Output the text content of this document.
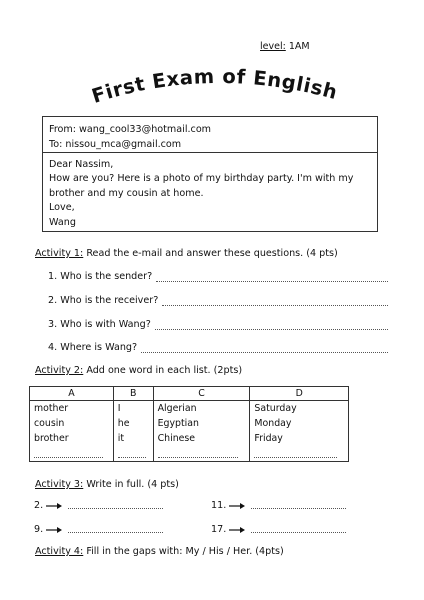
level: 1AM
First Exam of English
From: wang_cool33@hotmail.com
To: nissou_mca@gmail.com
Dear Nassim,
How are you? Here is a photo of my birthday party. I'm with my
brother and my cousin at home.
Love,
Wang
Activity 1: Read the e-mail and answer these questions. (4 pts)
1. Who is the sender?
2. Who is the receiver?
3. Who is with Wang?
4. Where is Wang?
Activity 2: Add one word in each list. (2pts)
A	B	C	D
mother	I	Algerian	Saturday
cousin	he	Egyptian	Monday
brother	it	Chinese	Friday

Activity 3: Write in full. (4 pts)
2.	11.
9.	17.
Activity 4: Fill in the gaps with: My / His / Her. (4pts)
